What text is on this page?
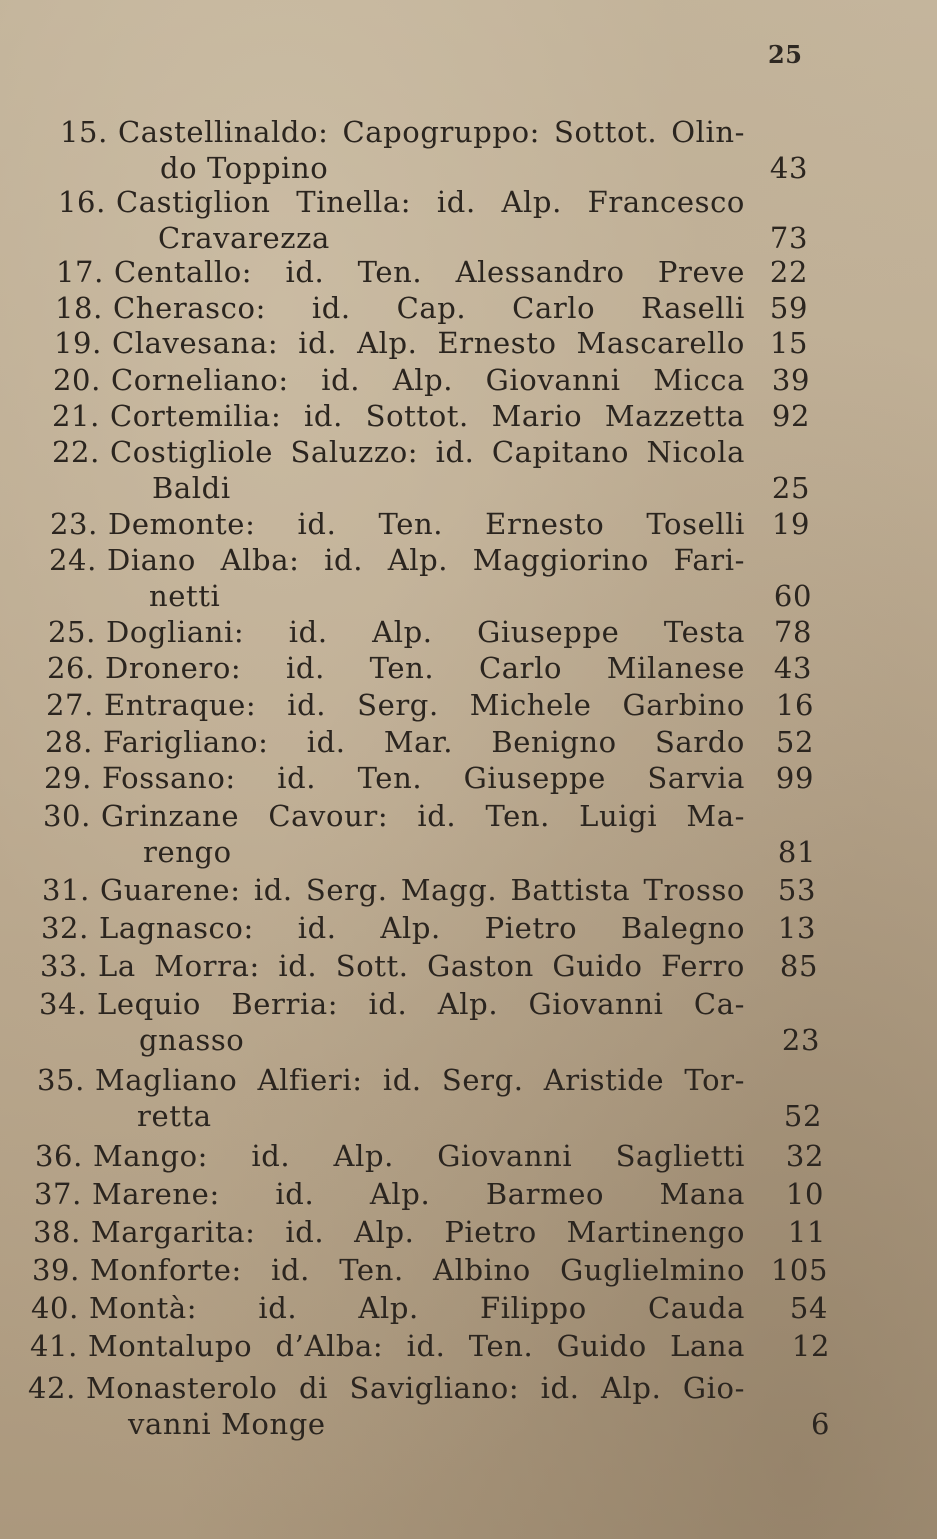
25
15. Castellinaldo: Capogruppo: Sottot. Olin-
do Toppino	43
16. Castiglion Tinella: id. Alp. Francesco
Cravarezza	73
17. Centallo: id. Ten. Alessandro Preve 22
18. Cherasco: id. Cap. Carlo Raselli 59
19. Clavesana: id. Alp. Ernesto Mascarello 15
20. Corneliano: id. Alp. Giovanni Micca 39
21. Cortemilia: id. Sottot. Mario Mazzetta 92
22. Costigliole Saluzzo: id. Capitano Nicola
Baldi	25
23. Demonte: id. Ten. Ernesto Toselli 19
24. Diano Alba: id. Alp. Maggiorino Fari-
netti	60
25. Dogliani: id. Alp. Giuseppe Testa 78
26. Dronero: id. Ten. Carlo Milanese 43
27. Entraque: id. Serg. Michele Garbino	16
28. Farigliano: id. Mar. Benigno Sardo	52
29. Fossano: id. Ten. Giuseppe Sarvia	99
30. Grinzane Cavour: id. Ten. Luigi Ma-
rengo	81
31. Guarene: id. Serg. Magg. Battista Trosso	53
32. Lagnasco: id. Alp. Pietro Balegno	13
33. La Morra: id. Sott. Gaston Guido Ferro	85
34. Lequio Berria: id. Alp. Giovanni Ca-
gnasso	23
35. Magliano Alfieri: id. Serg. Aristide Tor-
retta	52
36. Mango: id. Alp. Giovanni Saglietti	32
37. Marene: id. Alp. Barmeo Mana	10
38. Margarita: id. Alp. Pietro Martinengo	11
39. Monforte: id. Ten. Albino Guglielmino 105
40. Montà: id. Alp. Filippo Cauda	54
41. Montalupo d’Alba: id. Ten. Guido Lana	12
42. Monasterolo di Savigliano: id. Alp. Gio-
vanni Monge	6
